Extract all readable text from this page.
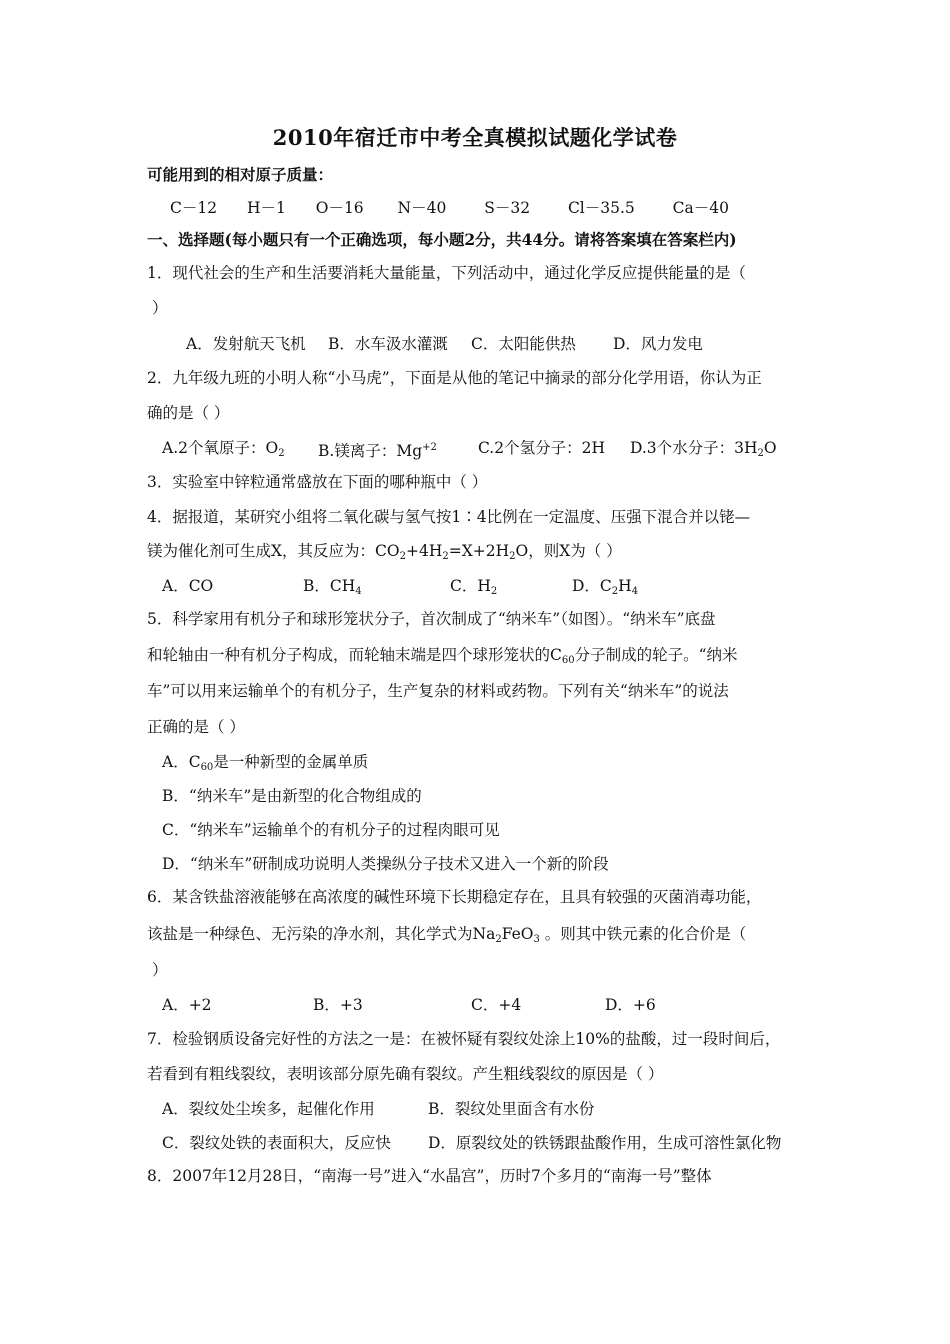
2010年宿迁市中考全真模拟试题化学试卷
可能用到的相对原子质量：
C－12 H－1 O－16 N－40 S－32 Cl－35.5 Ca－40
一、选择题(每小题只有一个正确选项，每小题2分，共44分。请将答案填在答案栏内)
1．现代社会的生产和生活要消耗大量能量，下列活动中，通过化学反应提供能量的是（
）
A．发射航天飞机 B．水车汲水灌溉 C．太阳能供热 D．风力发电
2．九年级九班的小明人称“小马虎”，下面是从他的笔记中摘录的部分化学用语，你认为正
确的是（ ）
A.2个氧原子：$O_2$ B.镁离子：$Mg^{+2}$	C.2个氢分子：2H D.3个水分子：$3H_2O$
3．实验室中锌粒通常盛放在下面的哪种瓶中（ ）
4．据报道，某研究小组将二氧化碳与氢气按1∶4比例在一定温度、压强下混合并以铑—
镁为催化剂可生成X，其反应为：$CO_2+4H_2=X+2H_2O$，则X为（ ）
A．CO	B．$CH_4$	C．$H_2$	D．$C_2H_4$
5．科学家用有机分子和球形笼状分子，首次制成了“纳米车”（如图）。“纳米车”底盘
和轮轴由一种有机分子构成，而轮轴末端是四个球形笼状的$C_{60}$分子制成的轮子。“纳米
车”可以用来运输单个的有机分子，生产复杂的材料或药物。下列有关“纳米车”的说法
正确的是（ ）
A．$C_{60}$是一种新型的金属单质
B．“纳米车”是由新型的化合物组成的
C．“纳米车”运输单个的有机分子的过程肉眼可见
D．“纳米车”研制成功说明人类操纵分子技术又进入一个新的阶段
6．某含铁盐溶液能够在高浓度的碱性环境下长期稳定存在，且具有较强的灭菌消毒功能，
该盐是一种绿色、无污染的净水剂，其化学式为$Na_2FeO_3$ 。则其中铁元素的化合价是（
）
A．+2	B．+3	C．+4	D．+6
7．检验钢质设备完好性的方法之一是：在被怀疑有裂纹处涂上10%的盐酸，过一段时间后，
若看到有粗线裂纹，表明该部分原先确有裂纹。产生粗线裂纹的原因是（ ）
A．裂纹处尘埃多，起催化作用	B．裂纹处里面含有水份
C．裂纹处铁的表面积大，反应快 D．原裂纹处的铁锈跟盐酸作用，生成可溶性氯化物
8．2007年12月28日，“南海一号”进入“水晶宫”，历时7个多月的“南海一号”整体
